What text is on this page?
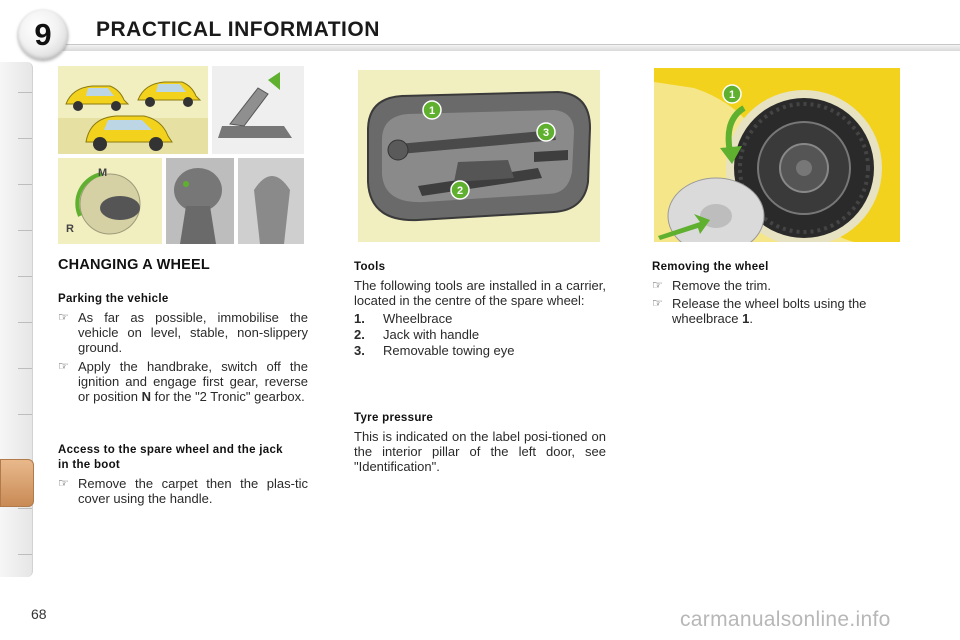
9	PRACTICAL INFORMATION
M
R
1
2
3
1
CHANGING A WHEEL
Parking the vehicle
☞ As far as possible, immobilise the vehicle on level, stable, non-slippery ground.
☞ Apply the handbrake, switch off the ignition and engage first gear, reverse or position N for the "2 Tronic" gearbox.
Access to the spare wheel and the jack in the boot
☞ Remove the carpet then the plas-tic cover using the handle.
Tools
The following tools are installed in a carrier, located in the centre of the spare wheel:
1. Wheelbrace
2. Jack with handle
3. Removable towing eye
Tyre pressure
This is indicated on the label posi-tioned on the interior pillar of the left door, see "Identification".
Removing the wheel
☞ Remove the trim.
☞ Release the wheel bolts using the wheelbrace 1.
68	carmanualsonline.info
